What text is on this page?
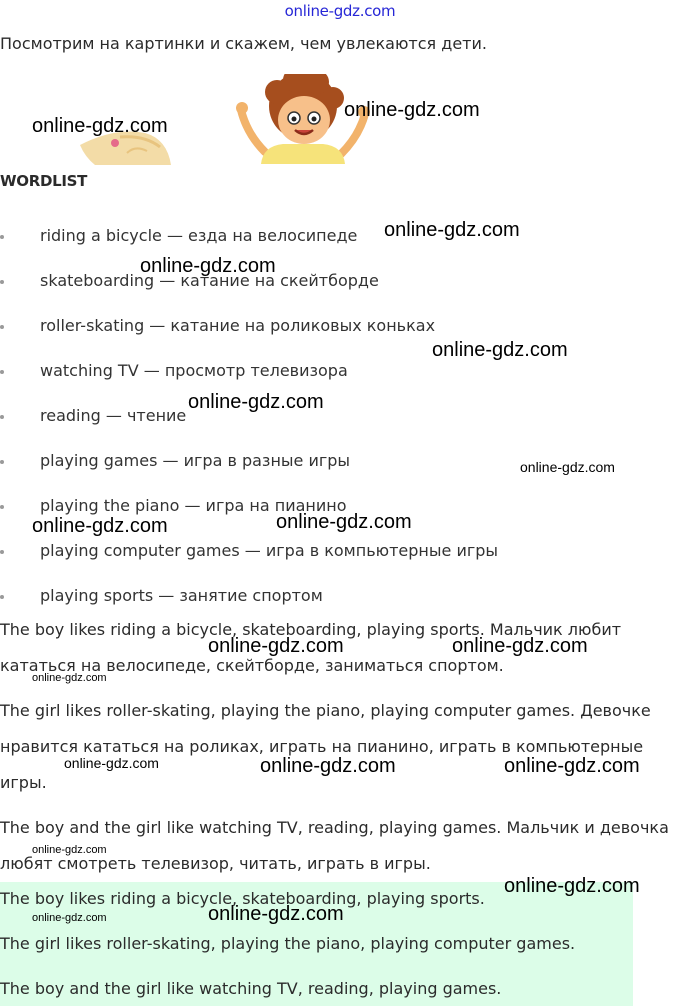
online-gdz.com
Посмотрим на картинки и скажем, чем увлекаются дети.
WORDLIST
riding a bicycle — езда на велосипеде
skateboarding — катание на скейтборде
roller-skating — катание на роликовых коньках
watching TV — просмотр телевизора
reading — чтение
playing games — игра в разные игры
playing the piano — игра на пианино
playing computer games — игра в компьютерные игры
playing sports — занятие спортом
The boy likes riding a bicycle, skateboarding, playing sports. Мальчик любит кататься на велосипеде, скейтборде, заниматься спортом.
The girl likes roller-skating, playing the piano, playing computer games. Девочке нравится кататься на роликах, играть на пианино, играть в компьютерные игры.
The boy and the girl like watching TV, reading, playing games. Мальчик и девочка любят смотреть телевизор, читать, играть в игры.
The boy likes riding a bicycle, skateboarding, playing sports.
The girl likes roller-skating, playing the piano, playing computer games.
The boy and the girl like watching TV, reading, playing games.
online-gdz.com
online-gdz.com
online-gdz.com
online-gdz.com
online-gdz.com
online-gdz.com
online-gdz.com
online-gdz.com	online-gdz.com
online-gdz.com	online-gdz.com
online-gdz.com
online-gdz.com	online-gdz.com	online-gdz.com
online-gdz.com
online-gdz.com
online-gdz.com	online-gdz.com
